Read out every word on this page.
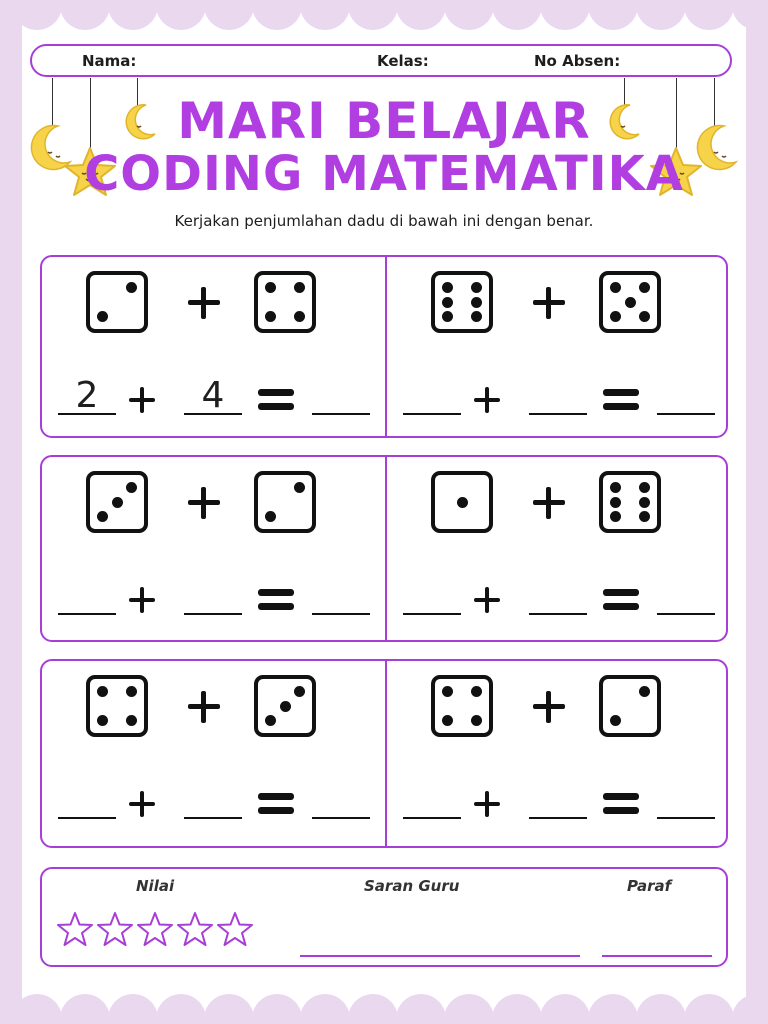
Nama:	Kelas:	No Absen:
MARI BELAJAR
CODING MATEMATIKA
Kerjakan penjumlahan dadu di bawah ini dengan benar.
2	4
Nilai	Saran Guru	Paraf
